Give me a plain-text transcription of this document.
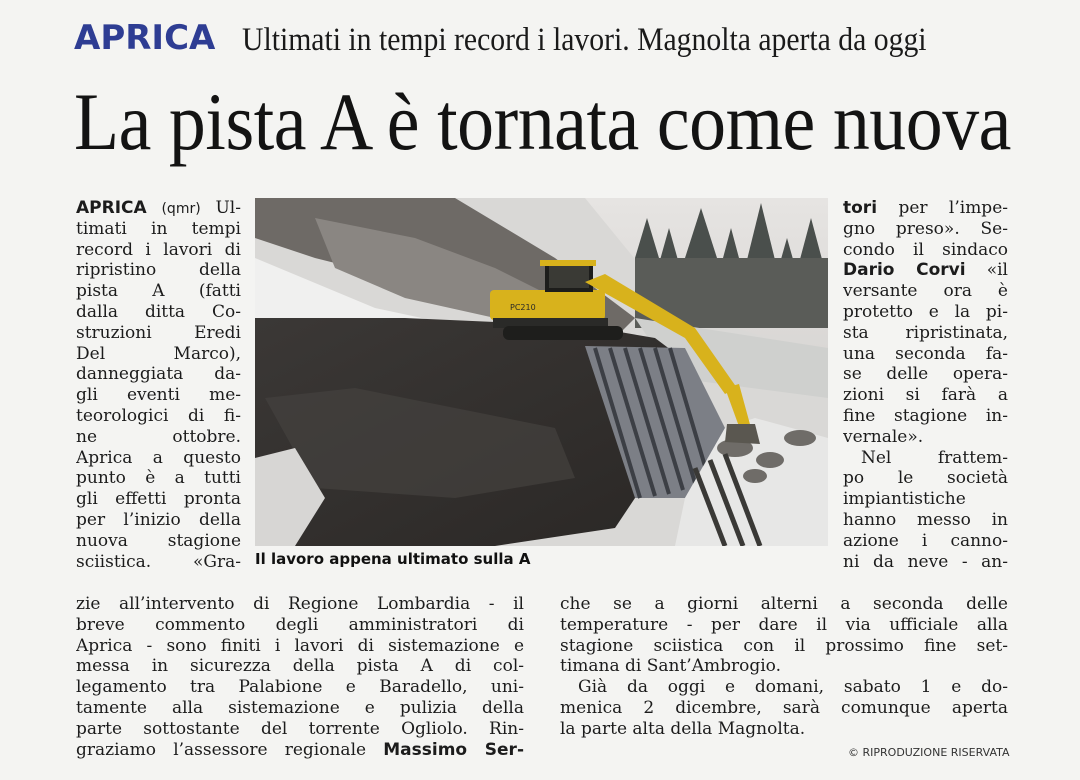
APRICA Ultimati in tempi record i lavori. Magnolta aperta da oggi
La pista A è tornata come nuova
APRICA (qmr) Ul-
timati in tempi
record i lavori di
ripristino della
pista A (fatti
dalla ditta Co-
struzioni Eredi
Del Marco),
danneggiata da-
gli eventi me-
teorologici di fi-
ne ottobre.
Aprica a questo
punto è a tutti
gli effetti pronta
per l’inizio della
nuova stagione
sciistica. «Gra-
PC210
Il lavoro appena ultimato sulla A
tori per l’impe-
gno preso». Se-
condo il sindaco
Dario Corvi «il
versante ora è
protetto e la pi-
sta ripristinata,
una seconda fa-
se delle opera-
zioni si farà a
fine stagione in-
vernale».
Nel frattem-
po le società
impiantistiche
hanno messo in
azione i canno-
ni da neve - an-
zie all’intervento di Regione Lombardia - il
breve commento degli amministratori di
Aprica - sono finiti i lavori di sistemazione e
messa in sicurezza della pista A di col-
legamento tra Palabione e Baradello, uni-
tamente alla sistemazione e pulizia della
parte sottostante del torrente Ogliolo. Rin-
graziamo l’assessore regionale Massimo Ser-
che se a giorni alterni a seconda delle
temperature - per dare il via ufficiale alla
stagione sciistica con il prossimo fine set-
timana di Sant’Ambrogio.
Già da oggi e domani, sabato 1 e do-
menica 2 dicembre, sarà comunque aperta
la parte alta della Magnolta.
© RIPRODUZIONE RISERVATA
